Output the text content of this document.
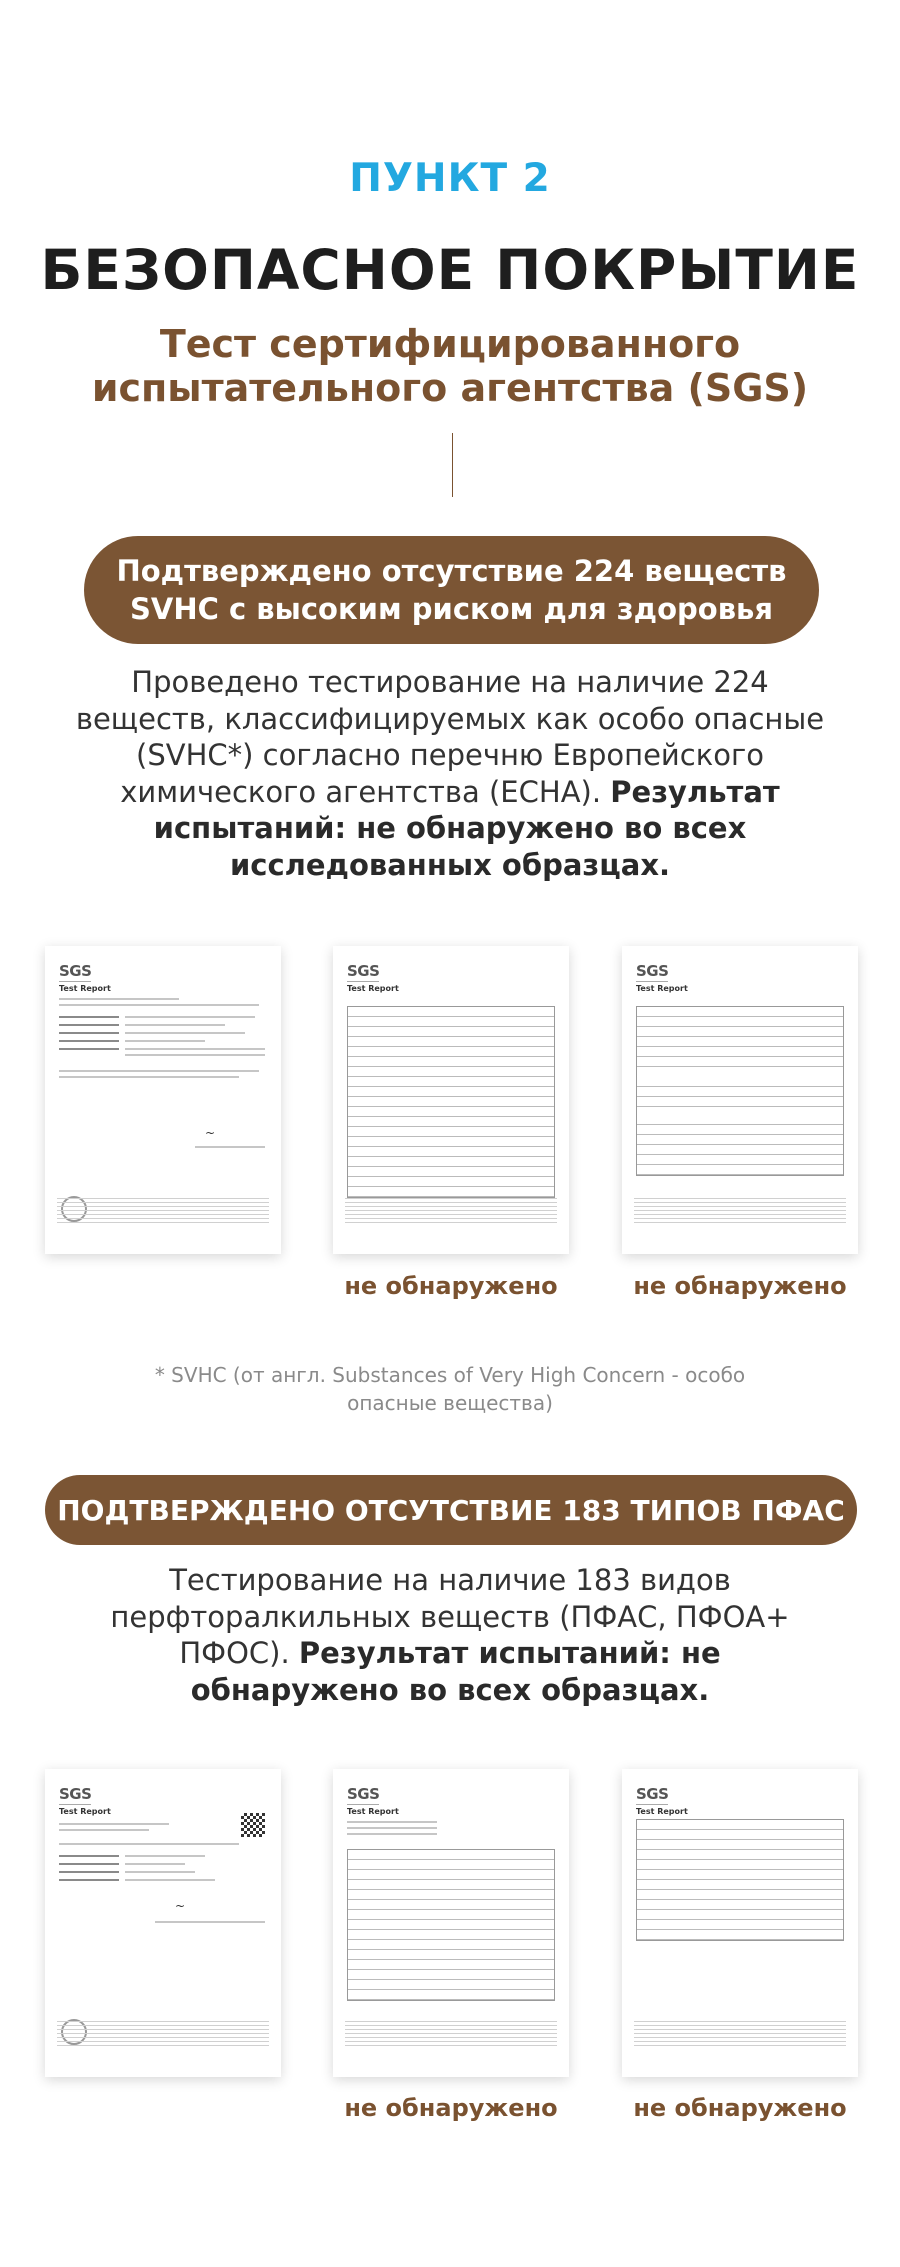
ПУНКТ 2
БЕЗОПАСНОЕ ПОКРЫТИЕ
Тест сертифицированного испытательного агентства (SGS)
Подтверждено отсутствие 224 веществ SVHC с высоким риском для здоровья
Проведено тестирование на наличие 224 веществ, классифицируемых как особо опасные (SVHC*) согласно перечню Европейского химического агентства (ECHA). Результат испытаний: не обнаружено во всех исследованных образцах.
SGS
Test Report
~
SGS
Test Report
не обнаружено
SGS
Test Report
не обнаружено
* SVHC (от англ. Substances of Very High Concern - особо опасные вещества)
ПОДТВЕРЖДЕНО ОТСУТСТВИЕ 183 ТИПОВ ПФАС
Тестирование на наличие 183 видов перфторалкильных веществ (ПФАС, ПФОА+ ПФОС). Результат испытаний: не обнаружено во всех образцах.
SGS
Test Report
~
SGS
Test Report
не обнаружено
SGS
Test Report
не обнаружено
